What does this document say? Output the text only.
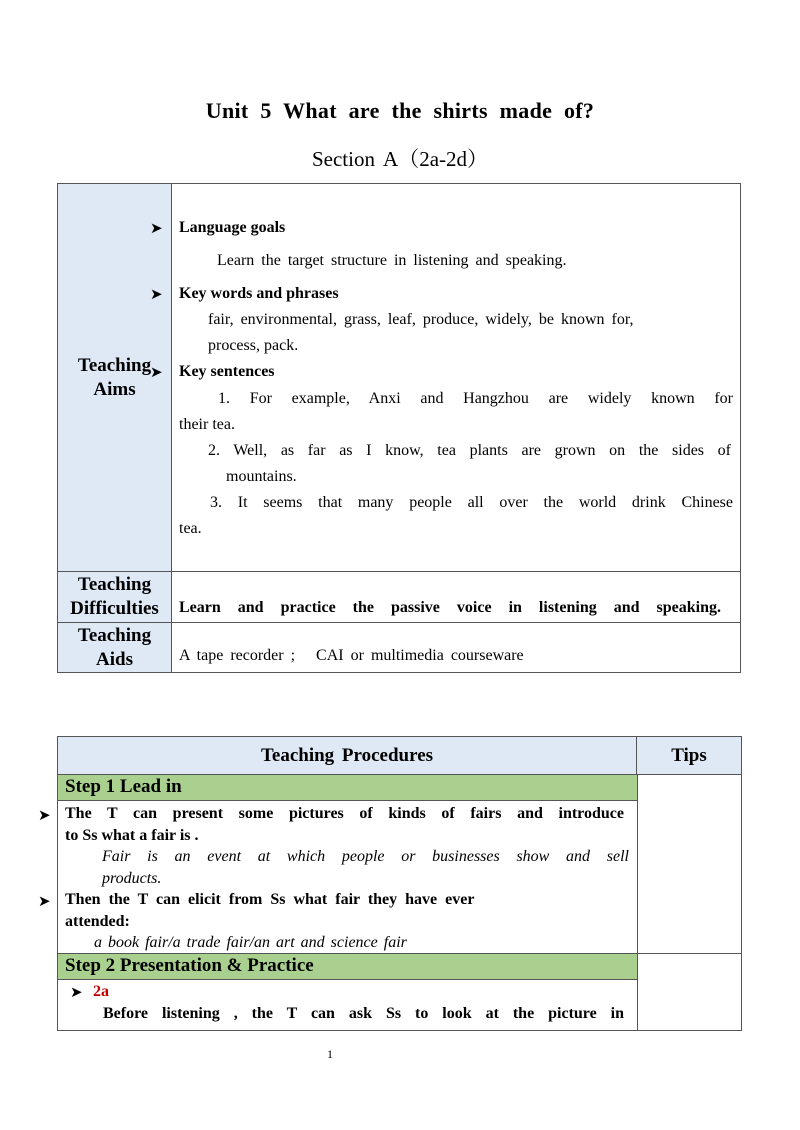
Unit 5 What are the shirts made of?
Section A（2a-2d）
Teaching Aims
Teaching Difficulties
Teaching Aids
➤ Language goals
Learn the target structure in listening and speaking.
➤ Key words and phrases
fair, environmental, grass, leaf, produce, widely, be known for,
process, pack.
➤ Key sentences
1. For example, Anxi and Hangzhou are widely known for
their tea.
2. Well, as far as I know, tea plants are grown on the sides of
mountains.
3. It seems that many people all over the world drink Chinese
tea.
Learn and practice the passive voice in listening and speaking.
A tape recorder ;   CAI or multimedia courseware
Teaching Procedures	Tips
Step 1 Lead in
The T can present some pictures of kinds of fairs and introduce
to Ss what a fair is .
Fair is an event at which people or businesses show and sell
products.
Then the T can elicit from Ss what fair they have ever
attended:
a book fair/a trade fair/an art and science fair
Step 2 Presentation & Practice
➤ 2a
Before listening , the T can ask Ss to look at the picture in
➤
➤
1
